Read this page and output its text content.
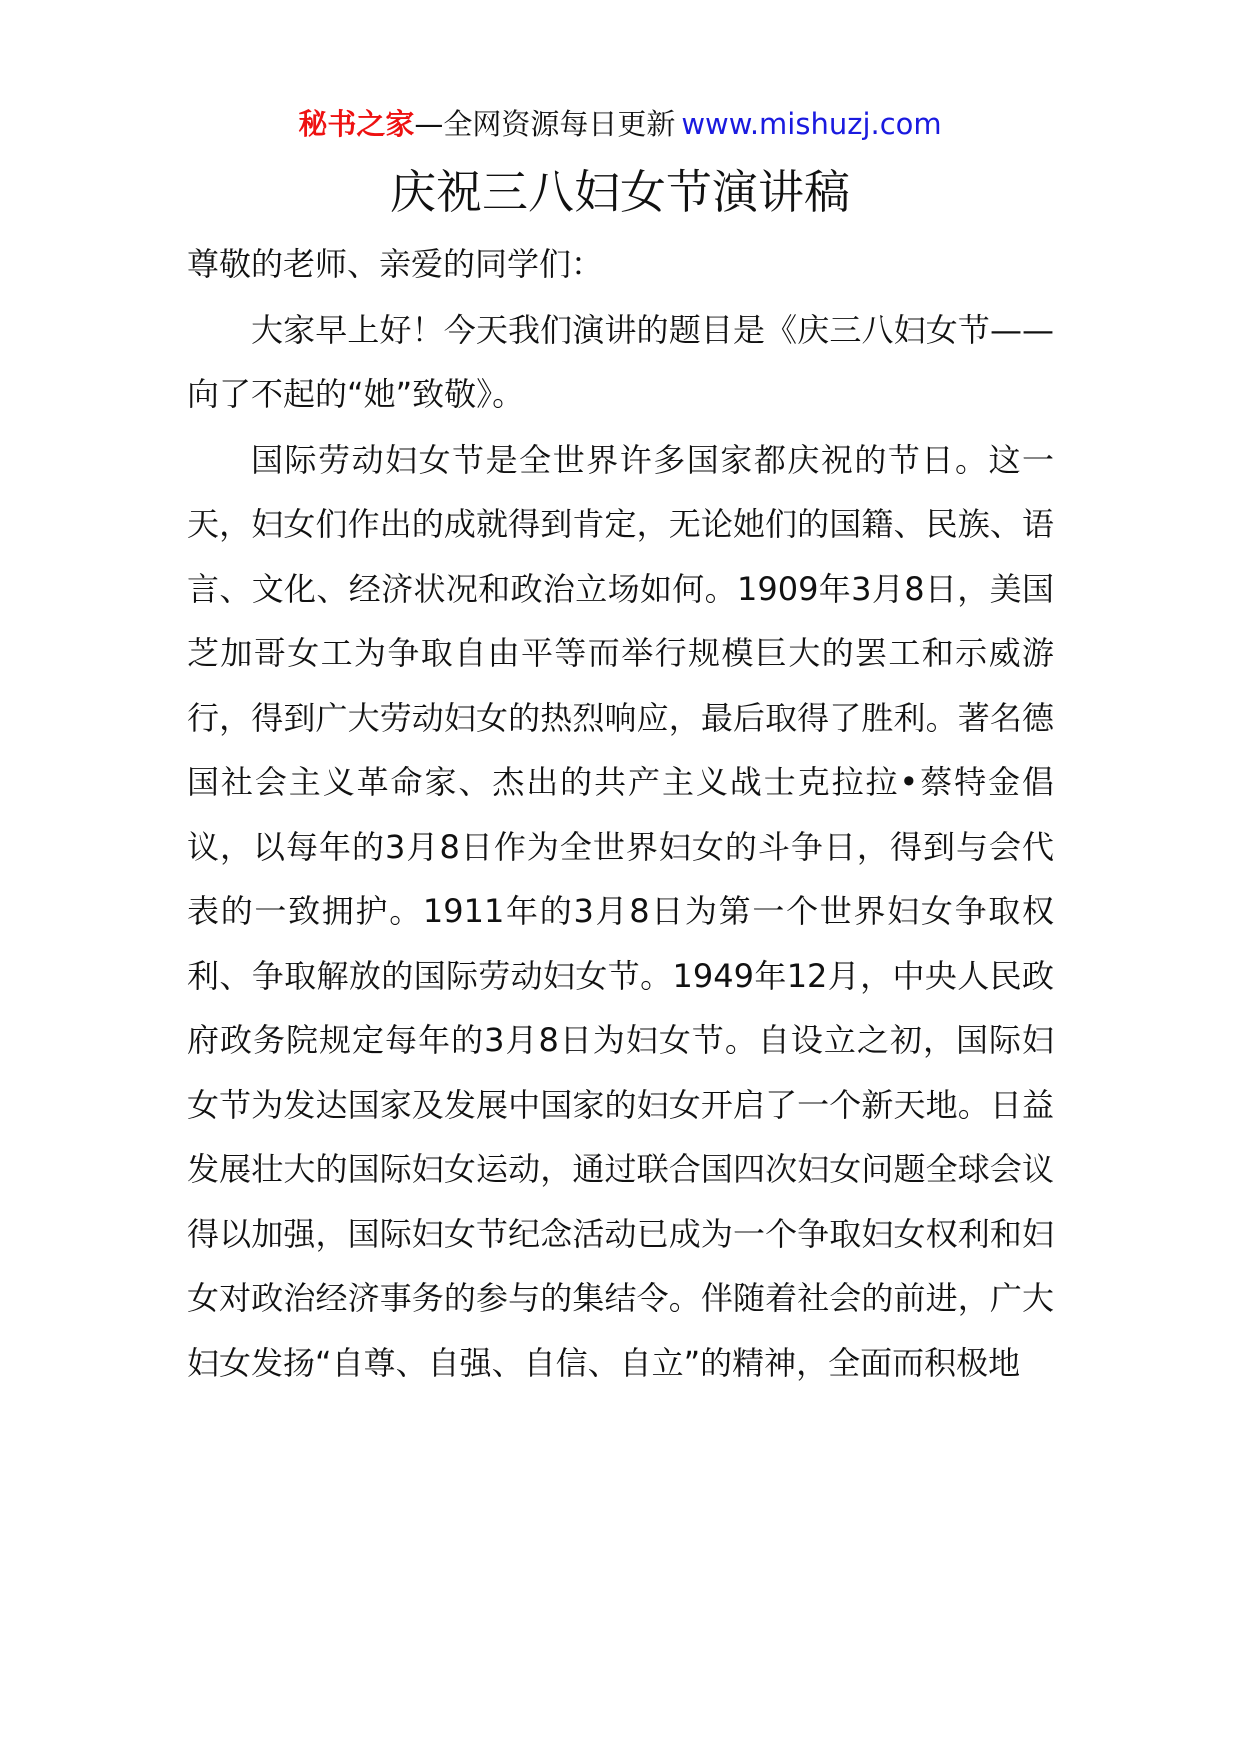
秘书之家—全网资源每日更新 www.mishuzj.com
庆祝三八妇女节演讲稿

尊敬的老师、亲爱的同学们：

大家早上好！今天我们演讲的题目是《庆三八妇女节——向了不起的“她”致敬》。

国际劳动妇女节是全世界许多国家都庆祝的节日。这一天，妇女们作出的成就得到肯定，无论她们的国籍、民族、语言、文化、经济状况和政治立场如何。1909年3月8日，美国芝加哥女工为争取自由平等而举行规模巨大的罢工和示威游行，得到广大劳动妇女的热烈响应，最后取得了胜利。著名德国社会主义革命家、杰出的共产主义战士克拉拉•蔡特金倡议，以每年的3月8日作为全世界妇女的斗争日，得到与会代表的一致拥护。1911年的3月8日为第一个世界妇女争取权利、争取解放的国际劳动妇女节。1949年12月，中央人民政府政务院规定每年的3月8日为妇女节。自设立之初，国际妇女节为发达国家及发展中国家的妇女开启了一个新天地。日益发展壮大的国际妇女运动，通过联合国四次妇女问题全球会议得以加强，国际妇女节纪念活动已成为一个争取妇女权利和妇女对政治经济事务的参与的集结令。伴随着社会的前进，广大妇女发扬“自尊、自强、自信、自立”的精神，全面而积极地
